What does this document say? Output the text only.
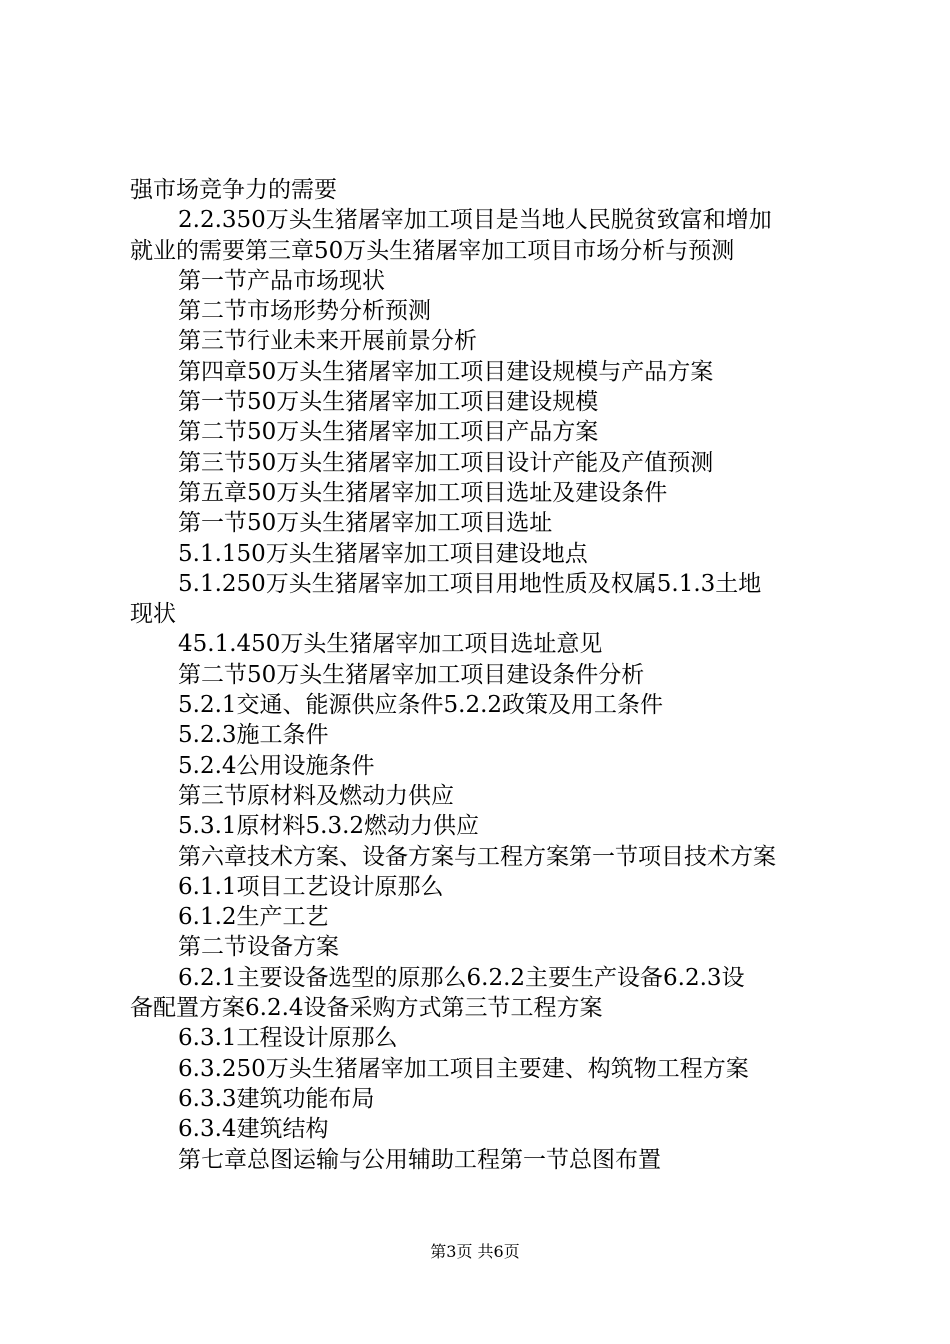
强市场竞争力的需要
2.2.350万头生猪屠宰加工项目是当地人民脱贫致富和增加
就业的需要第三章50万头生猪屠宰加工项目市场分析与预测
第一节产品市场现状
第二节市场形势分析预测
第三节行业未来开展前景分析
第四章50万头生猪屠宰加工项目建设规模与产品方案
第一节50万头生猪屠宰加工项目建设规模
第二节50万头生猪屠宰加工项目产品方案
第三节50万头生猪屠宰加工项目设计产能及产值预测
第五章50万头生猪屠宰加工项目选址及建设条件
第一节50万头生猪屠宰加工项目选址
5.1.150万头生猪屠宰加工项目建设地点
5.1.250万头生猪屠宰加工项目用地性质及权属5.1.3土地
现状
45.1.450万头生猪屠宰加工项目选址意见
第二节50万头生猪屠宰加工项目建设条件分析
5.2.1交通、能源供应条件5.2.2政策及用工条件
5.2.3施工条件
5.2.4公用设施条件
第三节原材料及燃动力供应
5.3.1原材料5.3.2燃动力供应
第六章技术方案、设备方案与工程方案第一节项目技术方案
6.1.1项目工艺设计原那么
6.1.2生产工艺
第二节设备方案
6.2.1主要设备选型的原那么6.2.2主要生产设备6.2.3设
备配置方案6.2.4设备采购方式第三节工程方案
6.3.1工程设计原那么
6.3.250万头生猪屠宰加工项目主要建、构筑物工程方案
6.3.3建筑功能布局
6.3.4建筑结构
第七章总图运输与公用辅助工程第一节总图布置
第3页 共6页
